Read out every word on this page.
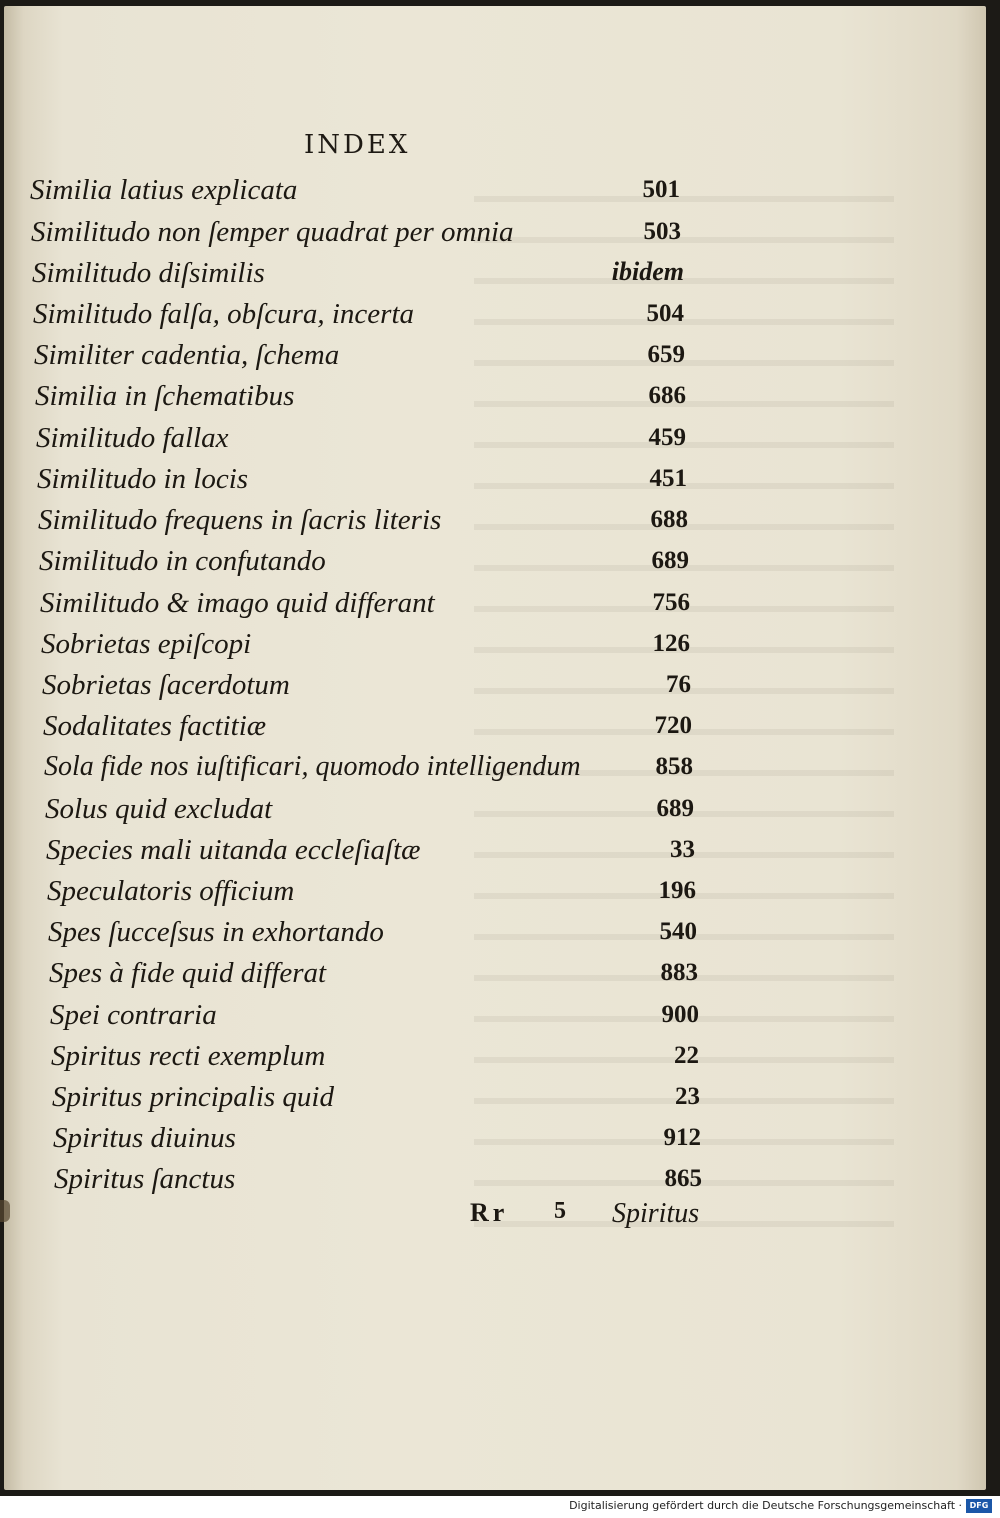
INDEX
Similia latius explicata	501
Similitudo non ſemper quadrat per omnia	503
Similitudo diſsimilis	ibidem
Similitudo falſa, obſcura, incerta	504
Similiter cadentia, ſchema	659
Similia in ſchematibus	686
Similitudo fallax	459
Similitudo in locis	451
Similitudo frequens in ſacris literis	688
Similitudo in confutando	689
Similitudo & imago quid differant	756
Sobrietas epiſcopi	126
Sobrietas ſacerdotum	76
Sodalitates factitiæ	720
Sola fide nos iuſtificari, quomodo intelligendum	858
Solus quid excludat	689
Species mali uitanda eccleſiaſtæ	33
Speculatoris officium	196
Spes ſucceſsus in exhortando	540
Spes à fide quid differat	883
Spei contraria	900
Spiritus recti exemplum	22
Spiritus principalis quid	23
Spiritus diuinus	912
Spiritus ſanctus	865
Rr 5 Spiritus
Digitalisierung gefördert durch die Deutsche Forschungsgemeinschaft · DFG
